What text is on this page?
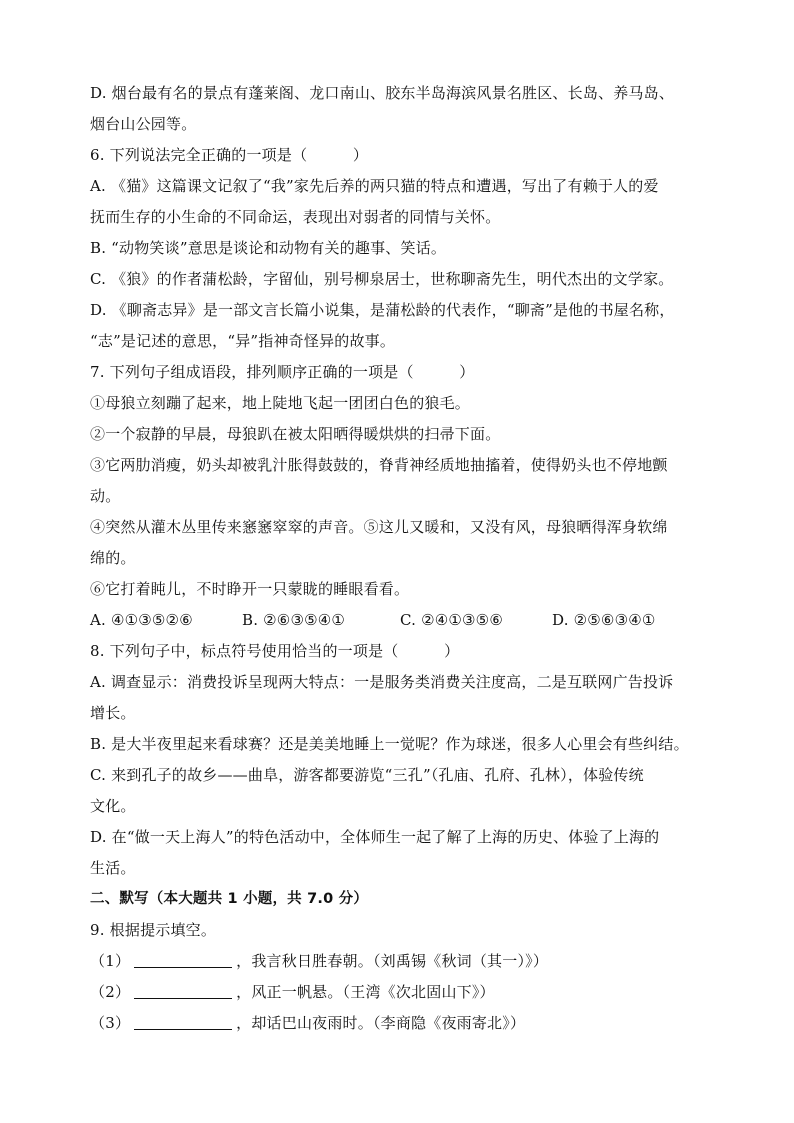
D. 烟台最有名的景点有蓬莱阁、龙口南山、胶东半岛海滨风景名胜区、长岛、养马岛、
烟台山公园等。
6. 下列说法完全正确的一项是（　　　）
A. 《猫》这篇课文记叙了“我”家先后养的两只猫的特点和遭遇，写出了有赖于人的爱
抚而生存的小生命的不同命运，表现出对弱者的同情与关怀。
B. “动物笑谈”意思是谈论和动物有关的趣事、笑话。
C. 《狼》的作者蒲松龄，字留仙，别号柳泉居士，世称聊斋先生，明代杰出的文学家。
D. 《聊斋志异》是一部文言长篇小说集，是蒲松龄的代表作，“聊斋”是他的书屋名称，
“志”是记述的意思，“异”指神奇怪异的故事。
7. 下列句子组成语段，排列顺序正确的一项是（　　　）
①母狼立刻蹦了起来，地上陡地飞起一团团白色的狼毛。
②一个寂静的早晨，母狼趴在被太阳晒得暖烘烘的扫帚下面。
③它两肋消瘦，奶头却被乳汁胀得鼓鼓的，脊背神经质地抽搐着，使得奶头也不停地颤
动。
④突然从灌木丛里传来窸窸窣窣的声音。⑤这儿又暖和，又没有风，母狼晒得浑身软绵
绵的。
⑥它打着盹儿，不时睁开一只蒙眬的睡眼看看。
A. ④①③⑤②⑥	B. ②⑥③⑤④①	C. ②④①③⑤⑥	D. ②⑤⑥③④①
8. 下列句子中，标点符号使用恰当的一项是（　　　）
A. 调查显示：消费投诉呈现两大特点：一是服务类消费关注度高，二是互联网广告投诉
增长。
B. 是大半夜里起来看球赛？还是美美地睡上一觉呢？作为球迷，很多人心里会有些纠结。
C. 来到孔子的故乡——曲阜，游客都要游览“三孔”（孔庙、孔府、孔林），体验传统
文化。
D. 在“做一天上海人”的特色活动中，全体师生一起了解了上海的历史、体验了上海的
生活。
二、默写（本大题共 1 小题，共 7.0 分）
9. 根据提示填空。
（1）	，我言秋日胜春朝。（刘禹锡《秋词（其一）》）
（2）	，风正一帆悬。（王湾《次北固山下》）
（3）	，却话巴山夜雨时。（李商隐《夜雨寄北》）
